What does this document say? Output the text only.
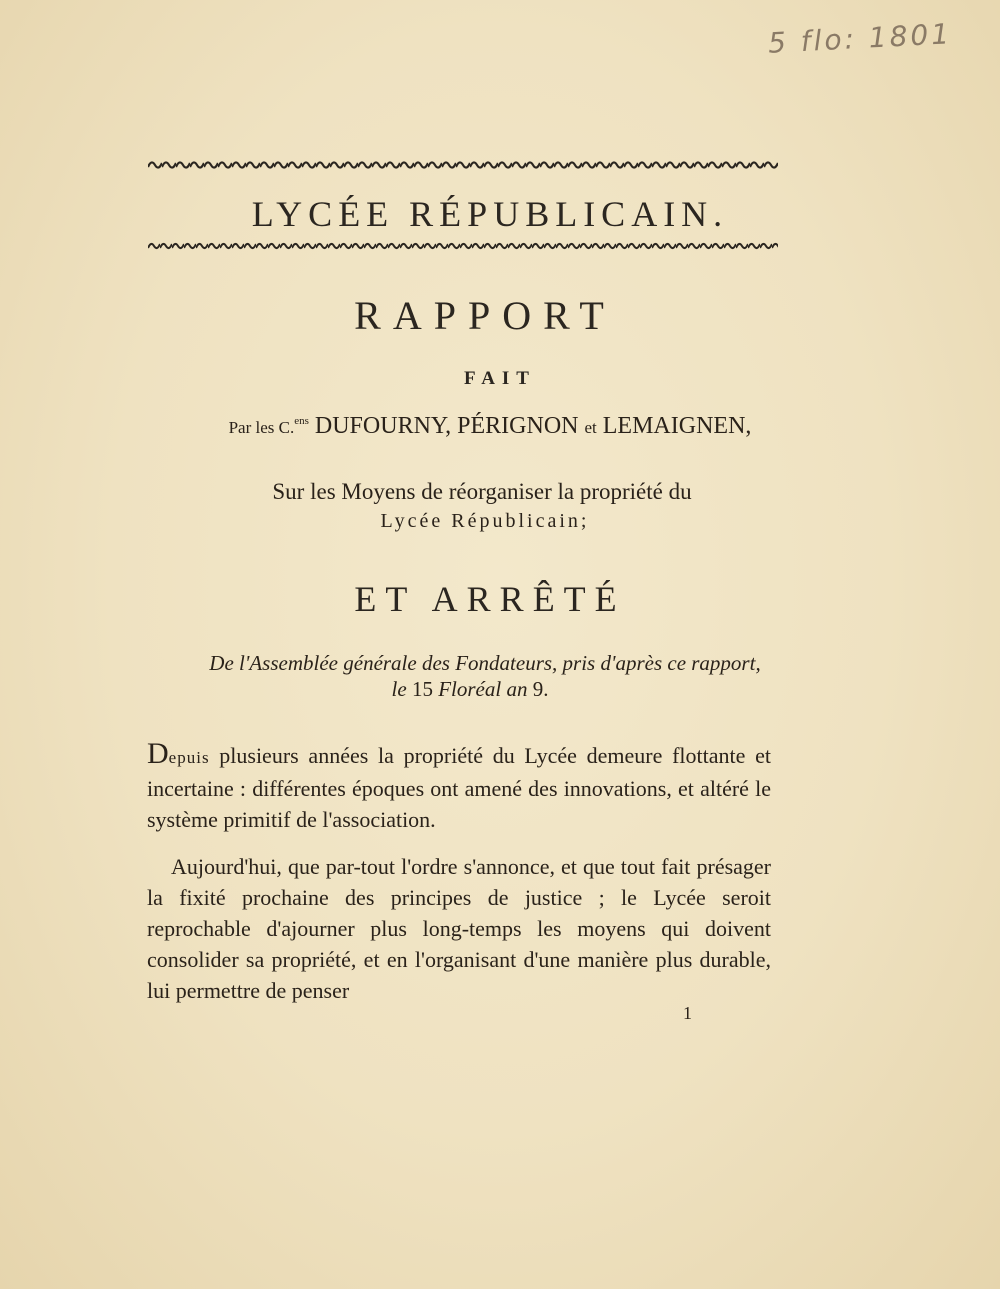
5 flo: 1801
LYCÉE RÉPUBLICAIN.
RAPPORT
FAIT
Par les C.$^{ens}$ DUFOURNY, PÉRIGNON et LEMAIGNEN,
Sur les Moyens de réorganiser la propriété du
Lycée Républicain;
ET ARRÊTÉ
De l'Assemblée générale des Fondateurs, pris d'après ce rapport,
le 15 Floréal an 9.
Depuis plusieurs années la propriété du Lycée demeure flottante et incertaine : différentes époques ont amené des innovations, et altéré le système primitif de l'association.
Aujourd'hui, que par-tout l'ordre s'annonce, et que tout fait présager la fixité prochaine des principes de justice ; le Lycée seroit reprochable d'ajourner plus long-temps les moyens qui doivent consolider sa propriété, et en l'organisant d'une manière plus durable, lui permettre de penser
1
